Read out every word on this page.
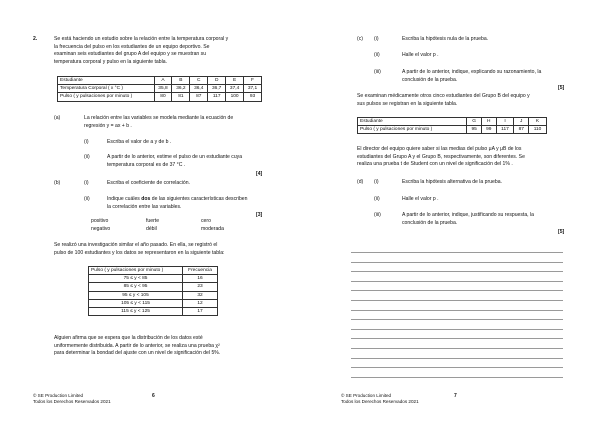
2.	Se está haciendo un estudio sobre la relación entre la temperatura corporal y
la frecuencia del pulso en los estudiantes de un equipo deportivo. Se
examinan seis estudiantes del grupo A del equipo y se muestran su
temperatura corporal y pulso en la siguiente tabla.
Estudiante	A	B	C	D	E	F
Temperatura Corporal ( x °C )	35,8	36,2	36,4	36,7	37,4	37,1
Pulso ( y pulsaciones por minuto )	80	81	87	117	100	93
(a)	La relación entre las variables se modela mediante la ecuación de
regresión y = ax + b .
(i)	Escriba el valor de a y de b .
(ii)	A partir de lo anterior, estime el pulso de un estudiante cuya
temperatura corporal es de 37 °C .
[4]
(b)	(i)	Escriba el coeficiente de correlación.
(ii)	Indique cuáles dos de las siguientes características describen
la correlación entre las variables.
[3]
positivo	fuerte	cero
negativo	débil	moderada
Se realizó una investigación similar el año pasado. En ella, se registró el
pulso de 100 estudiantes y los datos se representaron en la siguiente tabla:
Pulso ( y pulsaciones por minuto )	Frecuencia
75 ≤ y < 85	16
85 ≤ y < 95	23
95 ≤ y < 105	32
105 ≤ y < 115	12
115 ≤ y < 125	17
Alguien afirma que se espera que la distribución de los datos esté
uniformemente distribuida. A partir de lo anterior, se realiza una prueba χ²
para determinar la bondad del ajuste con un nivel de significación del 5%.
© SE Production Limited
Todos los Derechos Reservados 2021
6
(c) (i)	Escriba la hipótesis nula de la prueba.
(ii)	Halle el valor p .
(iii)	A partir de lo anterior, indique, explicando su razonamiento, la
conclusión de la prueba.
[5]
Se examinan médicamente otros cinco estudiantes del Grupo B del equipo y
sus pulsos se registran en la siguiente tabla.
Estudiante	G	H	I	J	K
Pulso ( y pulsaciones por minuto )	95	99	117	87	110
El director del equipo quiere saber si las medias del pulso μA y μB de los
estudiantes del Grupo A y el Grupo B, respectivamente, son diferentes. Se
realiza una prueba t de Student con un nivel de significación del 1% .
(d) (i)	Escriba la hipótesis alternativa de la prueba.
(ii)	Halle el valor p .
(iii)	A partir de lo anterior, indique, justificando su respuesta, la
conclusión de la prueba.
[5]
© SE Production Limited
Todos los Derechos Reservados 2021
7
